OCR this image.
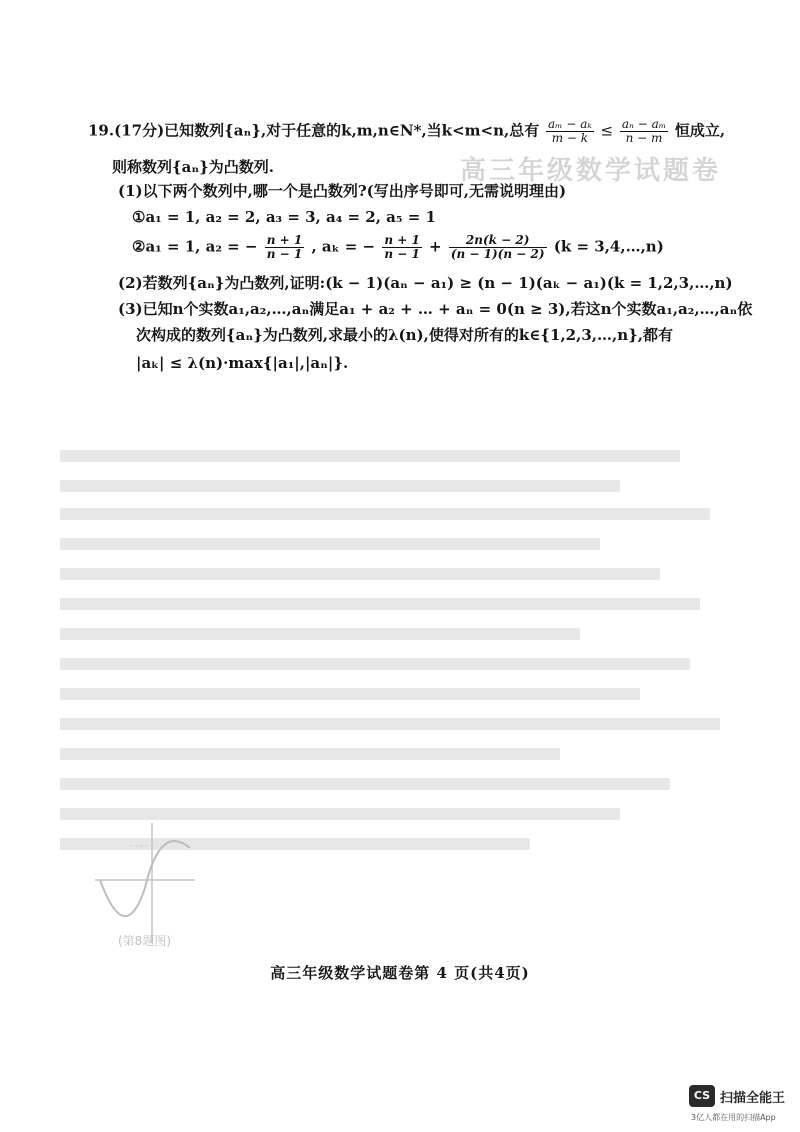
高三年级数学试题卷
19.(17分)已知数列{aₙ},对于任意的k,m,n∈N*,当k<m<n,总有 $\frac{\text{aₘ − aₖ}}{m - k} \le \frac{\text{aₙ − aₘ}}{n - m}$ 恒成立,
则称数列{aₙ}为凸数列.
(1)以下两个数列中,哪一个是凸数列?(写出序号即可,无需说明理由)
①a₁ = 1, a₂ = 2, a₃ = 3, a₄ = 2, a₅ = 1
②a₁ = 1, a₂ = − $\frac{n + 1}{n - 1}$ , aₖ = − $\frac{n + 1}{n - 1} + \frac{2n(k - 2)}{(n - 1)(n - 2)} (k$ = 3,4,…,n)
(2)若数列{aₙ}为凸数列,证明:(k − 1)(aₙ − a₁) ≥ (n − 1)(aₖ − a₁)(k = 1,2,3,…,n)
(3)已知n个实数a₁,a₂,…,aₙ满足a₁ + a₂ + … + aₙ = 0(n ≥ 3),若这n个实数a₁,a₂,…,aₙ依
次构成的数列{aₙ}为凸数列,求最小的λ(n),使得对所有的k∈{1,2,3,…,n},都有
|aₖ| ≤ λ(n)·max{|a₁|,|aₙ|}.
(第8题图)
高三年级数学试题卷第 4 页(共4页)
CS 扫描全能王
3亿人都在用的扫描App
